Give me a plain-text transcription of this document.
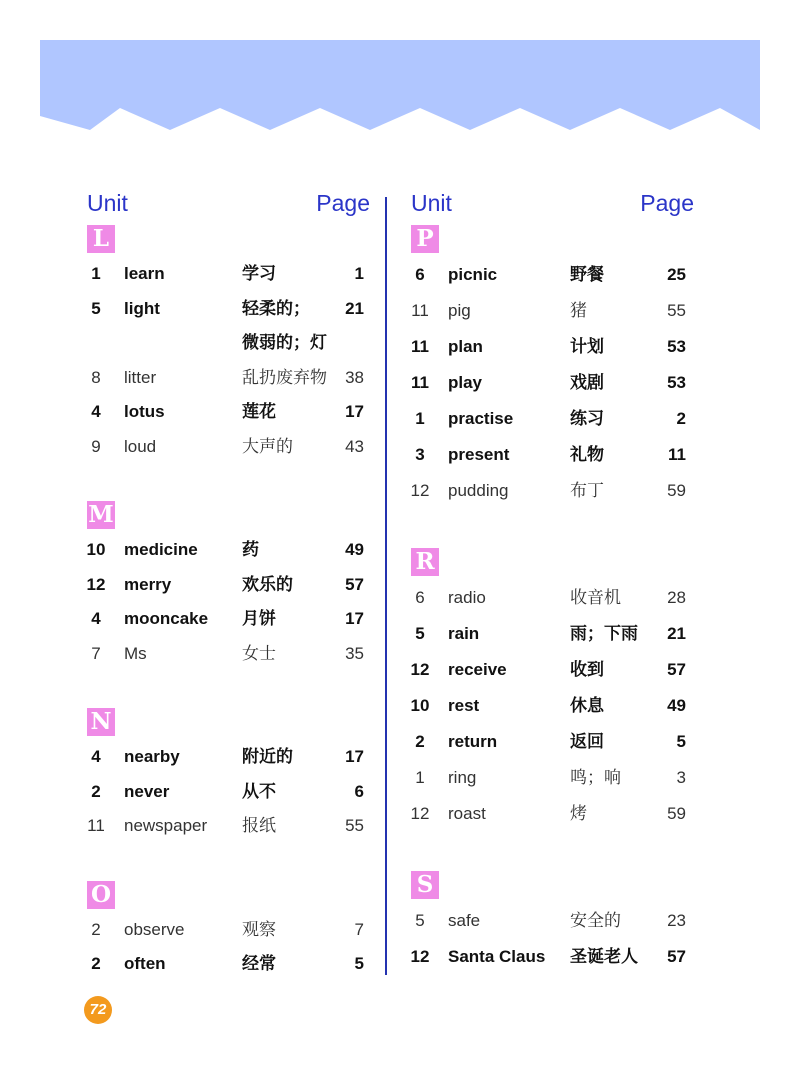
Unit	Page
L
1	learn	学习	1
5	light	轻柔的； 21
微弱的；灯
8	litter	乱扔废弃物 38
4	lotus	莲花	17
9	loud	大声的	43
M
10 medicine	药	49
12 merry	欢乐的	57
4	mooncake 月饼	17
7	Ms	女士	35
N
4	nearby	附近的	17
2	never	从不	6
11 newspaper 报纸	55
O
2	observe	观察	7
2	often	经常	5
Unit	Page
P
6	picnic	野餐	25
11 pig	猪	55
11 plan	计划	53
11 play	戏剧	53
1	practise	练习	2
3	present	礼物	11
12 pudding	布丁	59
R
6	radio	收音机	28
5	rain	雨；下雨 21
12 receive	收到	57
10 rest	休息	49
2	return	返回	5
1	ring	鸣；响	3
12 roast	烤	59
S
5	safe	安全的	23
12 Santa Claus 圣诞老人 57
72
